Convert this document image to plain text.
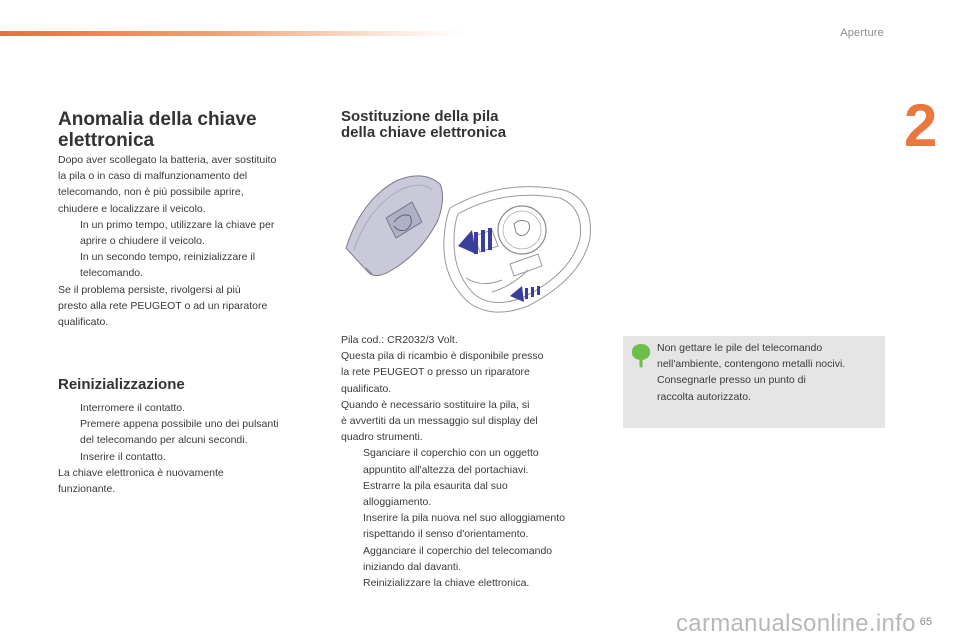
Aperture
2
Anomalia della chiave
elettronica
Dopo aver scollegato la batteria, aver sostituito
la pila o in caso di malfunzionamento del
telecomando, non è più possibile aprire,
chiudere e localizzare il veicolo.
In un primo tempo, utilizzare la chiave per
aprire o chiudere il veicolo.
In un secondo tempo, reinizializzare il
telecomando.
Se il problema persiste, rivolgersi al più
presto alla rete PEUGEOT o ad un riparatore
qualificato.
Reinizializzazione
Interromere il contatto.
Premere appena possibile uno dei pulsanti
del telecomando per alcuni secondi.
Inserire il contatto.
La chiave elettronica è nuovamente
funzionante.
Sostituzione della pila
della chiave elettronica
Pila cod.: CR2032/3 Volt.
Questa pila di ricambio è disponibile presso
la rete PEUGEOT o presso un riparatore
qualificato.
Quando è necessario sostituire la pila, si
è avvertiti da un messaggio sul display del
quadro strumenti.
Sganciare il coperchio con un oggetto
appuntito all'altezza del portachiavi.
Estrarre la pila esaurita dal suo
alloggiamento.
Inserire la pila nuova nel suo alloggiamento
rispettando il senso d'orientamento.
Agganciare il coperchio del telecomando
iniziando dal davanti.
Reinizializzare la chiave elettronica.
Non gettare le pile del telecomando
nell'ambiente, contengono metalli nocivi.
Consegnarle presso un punto di
raccolta autorizzato.
carmanualsonline.info 65
